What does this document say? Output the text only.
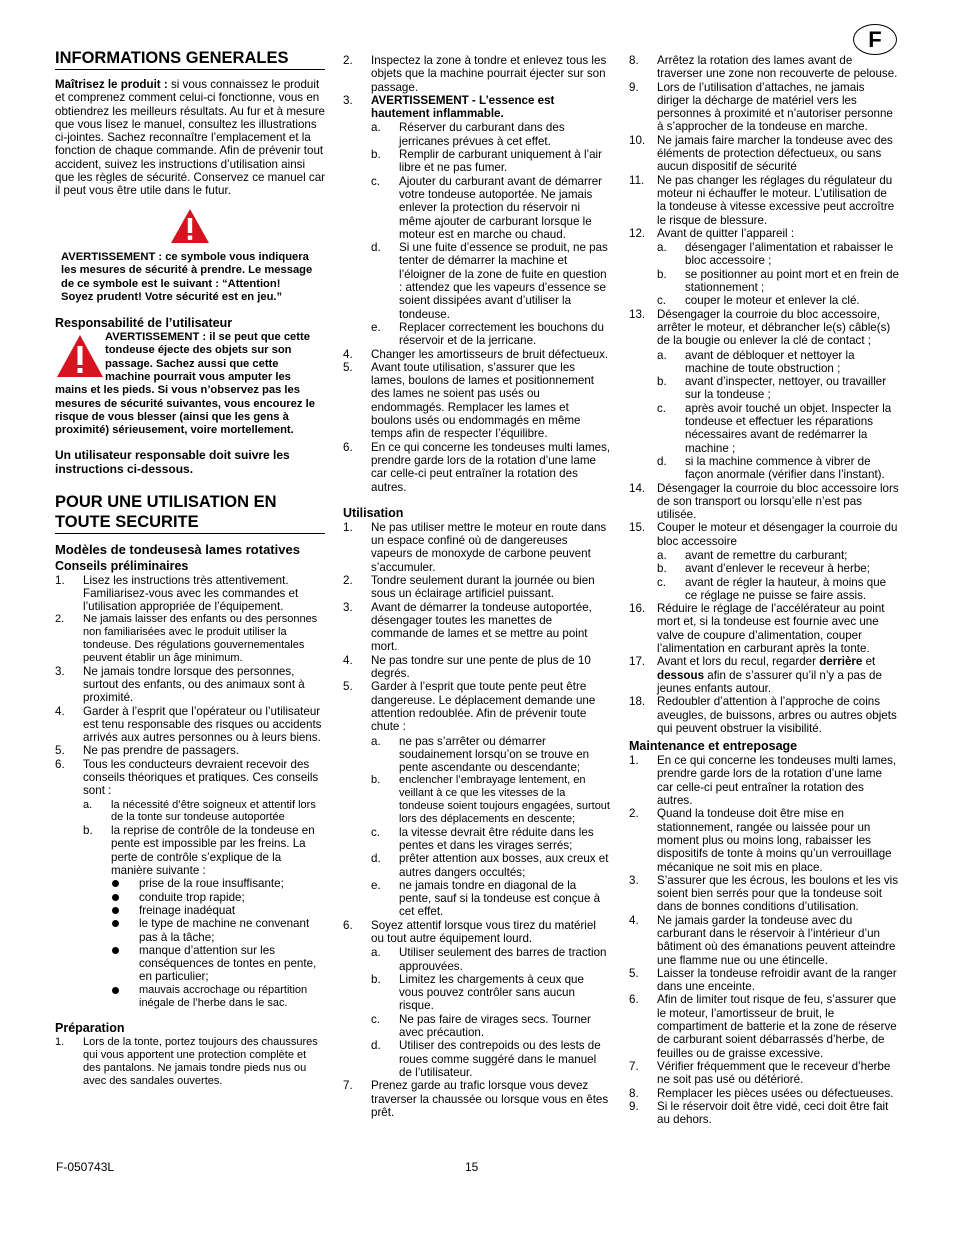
F
INFORMATIONS GENERALES

Maîtrisez le produit : si vous connaissez le produit et comprenez comment celui-ci fonctionne, vous en obtiendrez les meilleurs résultats. Au fur et à mesure que vous lisez le manuel, consultez les illustrations ci-jointes. Sachez reconnaître l’emplacement et la fonction de chaque commande. Afin de prévenir tout accident, suivez les instructions d’utilisation ainsi que les règles de sécurité. Conservez ce manuel car il peut vous être utile dans le futur.

AVERTISSEMENT : ce symbole vous indiquera les mesures de sécurité à prendre. Le message de ce symbole est le suivant : “Attention! Soyez prudent! Votre sécurité est en jeu.”

Responsabilité de l’utilisateur
AVERTISSEMENT : il se peut que cette tondeuse éjecte des objets sur son passage. Sachez aussi que cette machine pourrait vous amputer les mains et les pieds. Si vous n’observez pas les mesures de sécurité suivantes, vous encourez le risque de vous blesser (ainsi que les gens à proximité) sérieusement, voire mortellement.

Un utilisateur responsable doit suivre les instructions ci-dessous.

POUR UNE UTILISATION EN TOUTE SECURITE
Modèles de tondeusesà lames rotatives
Conseils préliminaires
1. Lisez les instructions très attentivement. Familiarisez-vous avec les commandes et l’utilisation appropriée de l’équipement.
2. Ne jamais laisser des enfants ou des personnes non familiarisées avec le produit utiliser la tondeuse. Des régulations gouvernementales peuvent établir un âge minimum.
3. Ne jamais tondre lorsque des personnes, surtout des enfants, ou des animaux sont à proximité.
4. Garder à l’esprit que l’opérateur ou l’utilisateur est tenu responsable des risques ou accidents arrivés aux autres personnes ou à leurs biens.
5. Ne pas prendre de passagers.
6. Tous les conducteurs devraient recevoir des conseils théoriques et pratiques. Ces conseils sont :
a. la nécessité d’être soigneux et attentif lors de la tonte sur tondeuse autoportée
b. la reprise de contrôle de la tondeuse en pente est impossible par les freins. La perte de contrôle s’explique de la manière suivante :
prise de la roue insuffisante;
conduite trop rapide;
freinage inadéquat
le type de machine ne convenant pas à la tâche;
manque d’attention sur les conséquences de tontes en pente, en particulier;
mauvais accrochage ou répartition inégale de l’herbe dans le sac.
Préparation
1. Lors de la tonte, portez toujours des chaussures qui vous apportent une protection complète et des pantalons. Ne jamais tondre pieds nus ou avec des sandales ouvertes.
2. Inspectez la zone à tondre et enlevez tous les objets que la machine pourrait éjecter sur son passage.
3. AVERTISSEMENT - L’essence est hautement inflammable.
a. Réserver du carburant dans des jerricanes prévues à cet effet.
b. Remplir de carburant uniquement à l’air libre et ne pas fumer.
c. Ajouter du carburant avant de démarrer votre tondeuse autoportée. Ne jamais enlever la protection du réservoir ni même ajouter de carburant lorsque le moteur est en marche ou chaud.
d. Si une fuite d’essence se produit, ne pas tenter de démarrer la machine et l’éloigner de la zone de fuite en question : attendez que les vapeurs d’essence se soient dissipées avant d’utiliser la tondeuse.
e. Replacer correctement les bouchons du réservoir et de la jerricane.
4. Changer les amortisseurs de bruit défectueux.
5. Avant toute utilisation, s’assurer que les lames, boulons de lames et positionnement des lames ne soient pas usés ou endommagés. Remplacer les lames et boulons usés ou endommagés en même temps afin de respecter l’équilibre.
6. En ce qui concerne les tondeuses multi lames, prendre garde lors de la rotation d’une lame car celle-ci peut entraîner la rotation des autres.
Utilisation
1. Ne pas utiliser mettre le moteur en route dans un espace confiné où de dangereuses vapeurs de monoxyde de carbone peuvent s’accumuler.
2. Tondre seulement durant la journée ou bien sous un éclairage artificiel puissant.
3. Avant de démarrer la tondeuse autoportée, désengager toutes les manettes de commande de lames et se mettre au point mort.
4. Ne pas tondre sur une pente de plus de 10 degrés.
5. Garder à l’esprit que toute pente peut être dangereuse. Le déplacement demande une attention redoublée. Afin de prévenir toute chute :
a. ne pas s’arrêter ou démarrer soudainement lorsqu’on se trouve en pente ascendante ou descendante;
b. enclencher l’embrayage lentement, en veillant à ce que les vitesses de la tondeuse soient toujours engagées, surtout lors des déplacements en descente;
c. la vitesse devrait être réduite dans les pentes et dans les virages serrés;
d. prêter attention aux bosses, aux creux et autres dangers occultés;
e. ne jamais tondre en diagonal de la pente, sauf si la tondeuse est conçue à cet effet.
6. Soyez attentif lorsque vous tirez du matériel ou tout autre équipement lourd.
a. Utiliser seulement des barres de traction approuvées.
b. Limitez les chargements à ceux que vous pouvez contrôler sans aucun risque.
c. Ne pas faire de virages secs. Tourner avec précaution.
d. Utiliser des contrepoids ou des lests de roues comme suggéré dans le manuel de l’utilisateur.
7. Prenez garde au trafic lorsque vous devez traverser la chaussée ou lorsque vous en êtes prêt.
8. Arrêtez la rotation des lames avant de traverser une zone non recouverte de pelouse.
9. Lors de l’utilisation d’attaches, ne jamais diriger la décharge de matériel vers les personnes à proximité et n’autoriser personne à s’approcher de la tondeuse en marche.
10. Ne jamais faire marcher la tondeuse avec des éléments de protection défectueux, ou sans aucun dispositif de sécurité
11. Ne pas changer les réglages du régulateur du moteur ni échauffer le moteur. L’utilisation de la tondeuse à vitesse excessive peut accroître le risque de blessure.
12. Avant de quitter l’appareil :
a. désengager l’alimentation et rabaisser le bloc accessoire ;
b. se positionner au point mort et en frein de stationnement ;
c. couper le moteur et enlever la clé.
13. Désengager la courroie du bloc accessoire, arrêter le moteur, et débrancher le(s) câble(s) de la bougie ou enlever la clé de contact ;
a. avant de débloquer et nettoyer la machine de toute obstruction ;
b. avant d’inspecter, nettoyer, ou travailler sur la tondeuse ;
c. après avoir touché un objet. Inspecter la tondeuse et effectuer les réparations nécessaires avant de redémarrer la machine ;
d. si la machine commence à vibrer de façon anormale (vérifier dans l’instant).
14. Désengager la courroie du bloc accessoire lors de son transport ou lorsqu’elle n’est pas utilisée.
15. Couper le moteur et désengager la courroie du bloc accessoire
a. avant de remettre du carburant;
b. avant d’enlever le receveur à herbe;
c. avant de régler la hauteur, à moins que ce réglage ne puisse se faire assis.
16. Réduire le réglage de l’accélérateur au point mort et, si la tondeuse est fournie avec une valve de coupure d’alimentation, couper l’alimentation en carburant après la tonte.
17. Avant et lors du recul, regarder derrière et dessous afin de s’assurer qu’il n’y a pas de jeunes enfants autour.
18. Redoubler d’attention à l’approche de coins aveugles, de buissons, arbres ou autres objets qui peuvent obstruer la visibilité.
Maintenance et entreposage
1. En ce qui concerne les tondeuses multi lames, prendre garde lors de la rotation d’une lame car celle-ci peut entraîner la rotation des autres.
2. Quand la tondeuse doit être mise en stationnement, rangée ou laissée pour un moment plus ou moins long, rabaisser les dispositifs de tonte à moins qu’un verrouillage mécanique ne soit mis en place.
3. S’assurer que les écrous, les boulons et les vis soient bien serrés pour que la tondeuse soit dans de bonnes conditions d’utilisation.
4. Ne jamais garder la tondeuse avec du carburant dans le réservoir à l’intérieur d’un bâtiment où des émanations peuvent atteindre une flamme nue ou une étincelle.
5. Laisser la tondeuse refroidir avant de la ranger dans une enceinte.
6. Afin de limiter tout risque de feu, s’assurer que le moteur, l’amortisseur de bruit, le compartiment de batterie et la zone de réserve de carburant soient débarrassés d’herbe, de feuilles ou de graisse excessive.
7. Vérifier fréquemment que le receveur d’herbe ne soit pas usé ou détérioré.
8. Remplacer les pièces usées ou défectueuses.
9. Si le réservoir doit être vidé, ceci doit être fait au dehors.
F-050743L	15
